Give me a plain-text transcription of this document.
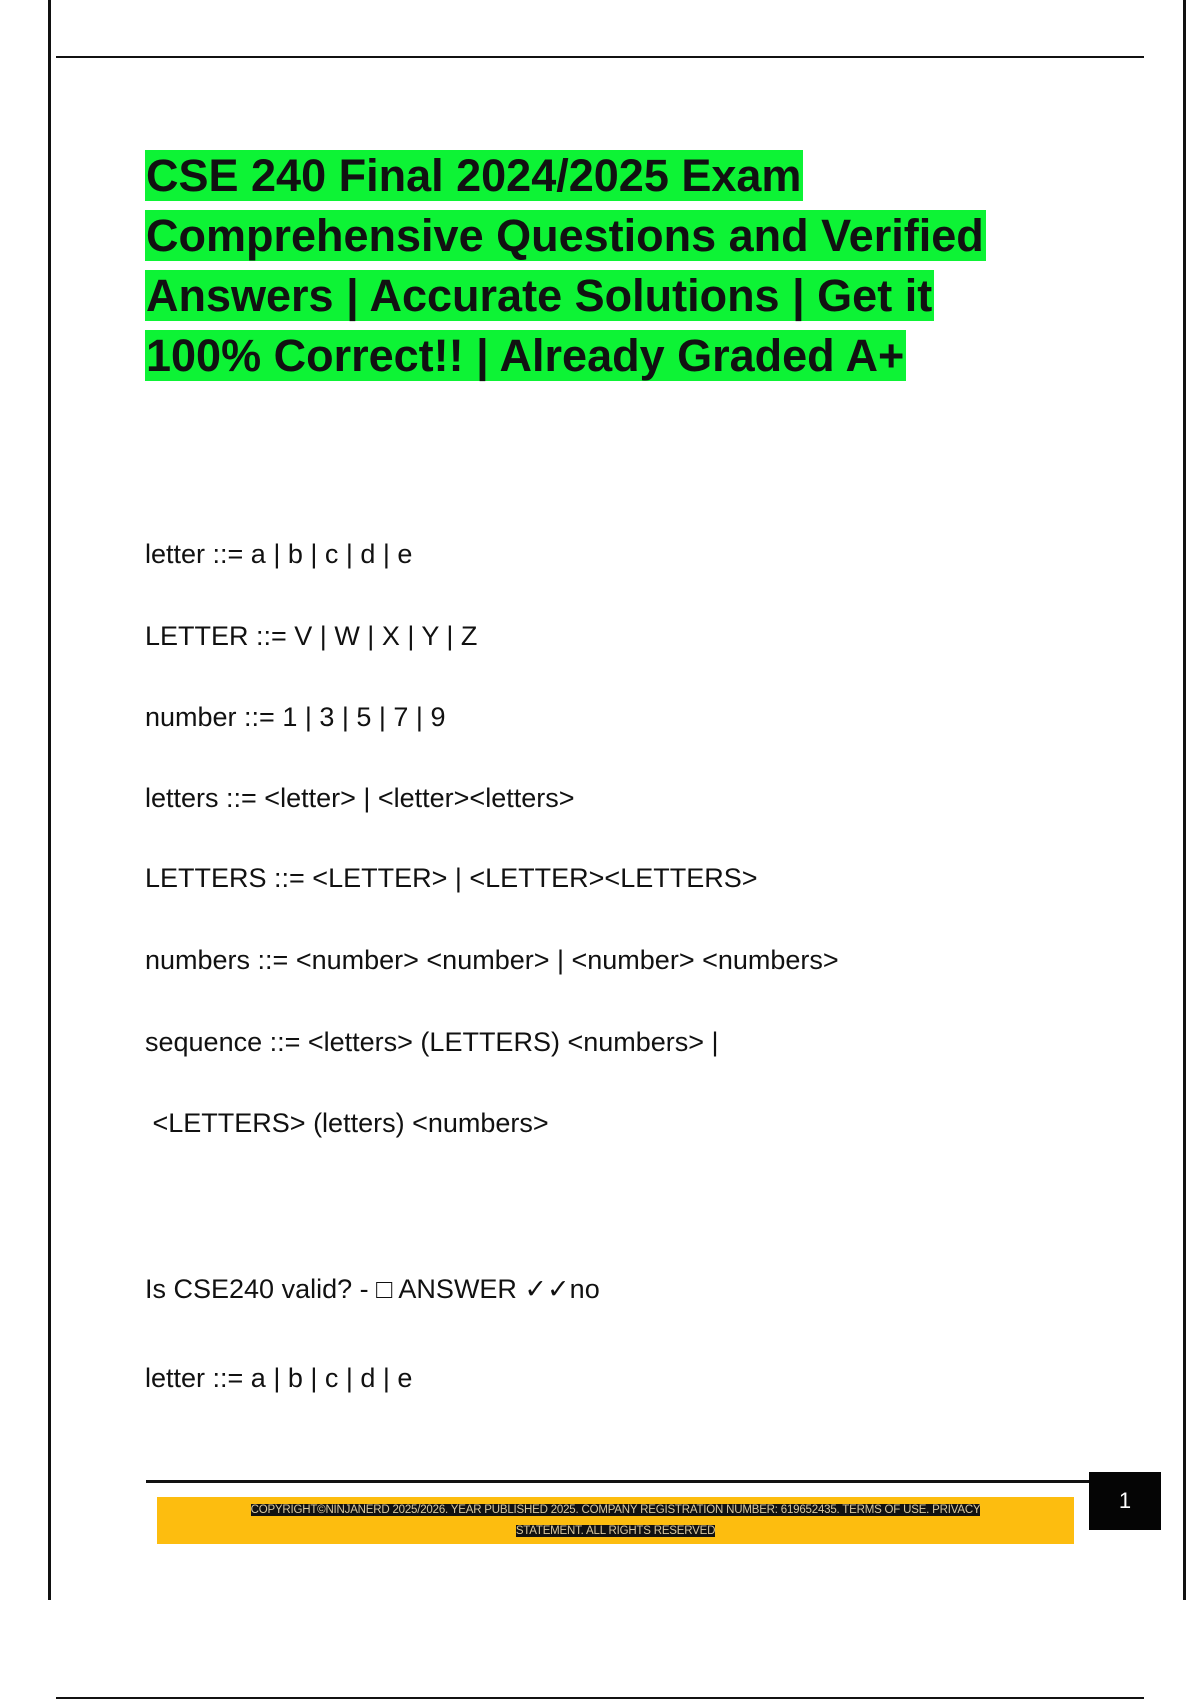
CSE 240 Final 2024/2025 Exam
Comprehensive Questions and Verified
Answers | Accurate Solutions | Get it
100% Correct!! | Already Graded A+
letter ::= a | b | c | d | e
LETTER ::= V | W | X | Y | Z
number ::= 1 | 3 | 5 | 7 | 9
letters ::= <letter> | <letter><letters>
LETTERS ::= <LETTER> | <LETTER><LETTERS>
numbers ::= <number> <number> | <number> <numbers>
sequence ::= <letters> (LETTERS) <numbers> |
<LETTERS> (letters) <numbers>
Is CSE240 valid? - □ ANSWER ✓✓no
letter ::= a | b | c | d | e

COPYRIGHT©NINJANERD 2025/2026. YEAR PUBLISHED 2025. COMPANY REGISTRATION NUMBER: 619652435. TERMS OF USE. PRIVACY
STATEMENT. ALL RIGHTS RESERVED

1
